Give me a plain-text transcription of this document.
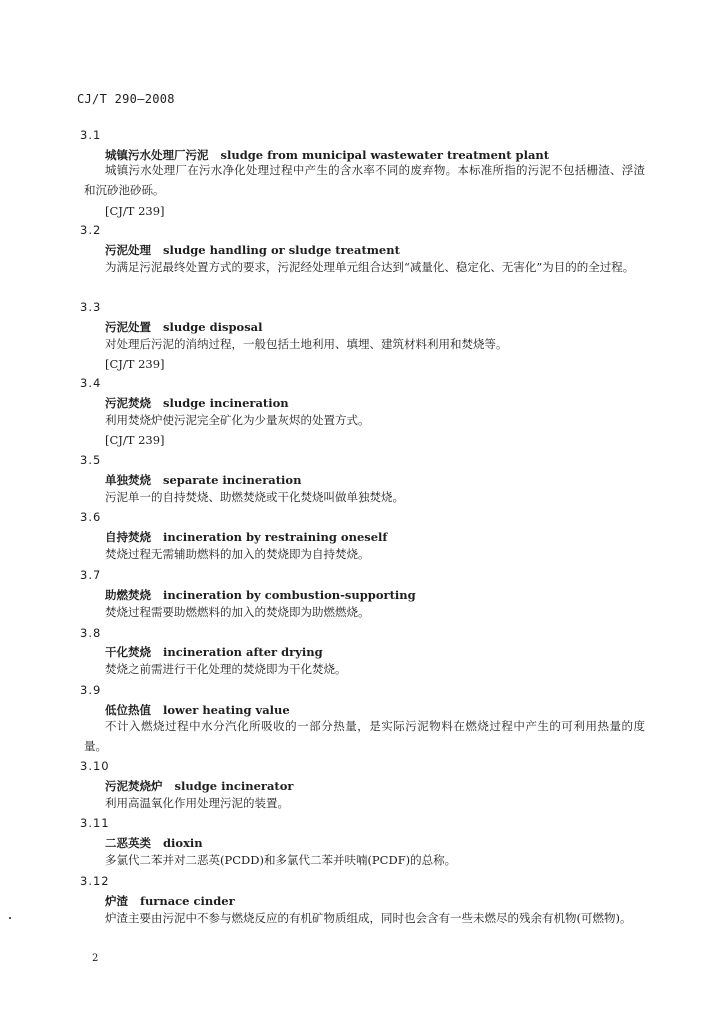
CJ/T 290—2008
3.1
城镇污水处理厂污泥 sludge from municipal wastewater treatment plant
城镇污水处理厂在污水净化处理过程中产生的含水率不同的废弃物。本标准所指的污泥不包括栅渣、浮渣和沉砂池砂砾。
[CJ/T 239]
3.2
污泥处理 sludge handling or sludge treatment
为满足污泥最终处置方式的要求，污泥经处理单元组合达到“减量化、稳定化、无害化”为目的的全过程。
3.3
污泥处置 sludge disposal
对处理后污泥的消纳过程，一般包括土地利用、填埋、建筑材料利用和焚烧等。
[CJ/T 239]
3.4
污泥焚烧 sludge incineration
利用焚烧炉使污泥完全矿化为少量灰烬的处置方式。
[CJ/T 239]
3.5
单独焚烧 separate incineration
污泥单一的自持焚烧、助燃焚烧或干化焚烧叫做单独焚烧。
3.6
自持焚烧 incineration by restraining oneself
焚烧过程无需辅助燃料的加入的焚烧即为自持焚烧。
3.7
助燃焚烧 incineration by combustion-supporting
焚烧过程需要助燃燃料的加入的焚烧即为助燃燃烧。
3.8
干化焚烧 incineration after drying
焚烧之前需进行干化处理的焚烧即为干化焚烧。
3.9
低位热值 lower heating value
不计入燃烧过程中水分汽化所吸收的一部分热量，是实际污泥物料在燃烧过程中产生的可利用热量的度量。
3.10
污泥焚烧炉 sludge incinerator
利用高温氧化作用处理污泥的装置。
3.11
二恶英类 dioxin
多氯代二苯并对二恶英(PCDD)和多氯代二苯并呋喃(PCDF)的总称。
3.12
炉渣 furnace cinder
炉渣主要由污泥中不参与燃烧反应的有机矿物质组成，同时也会含有一些未燃尽的残余有机物(可燃物)。
2
